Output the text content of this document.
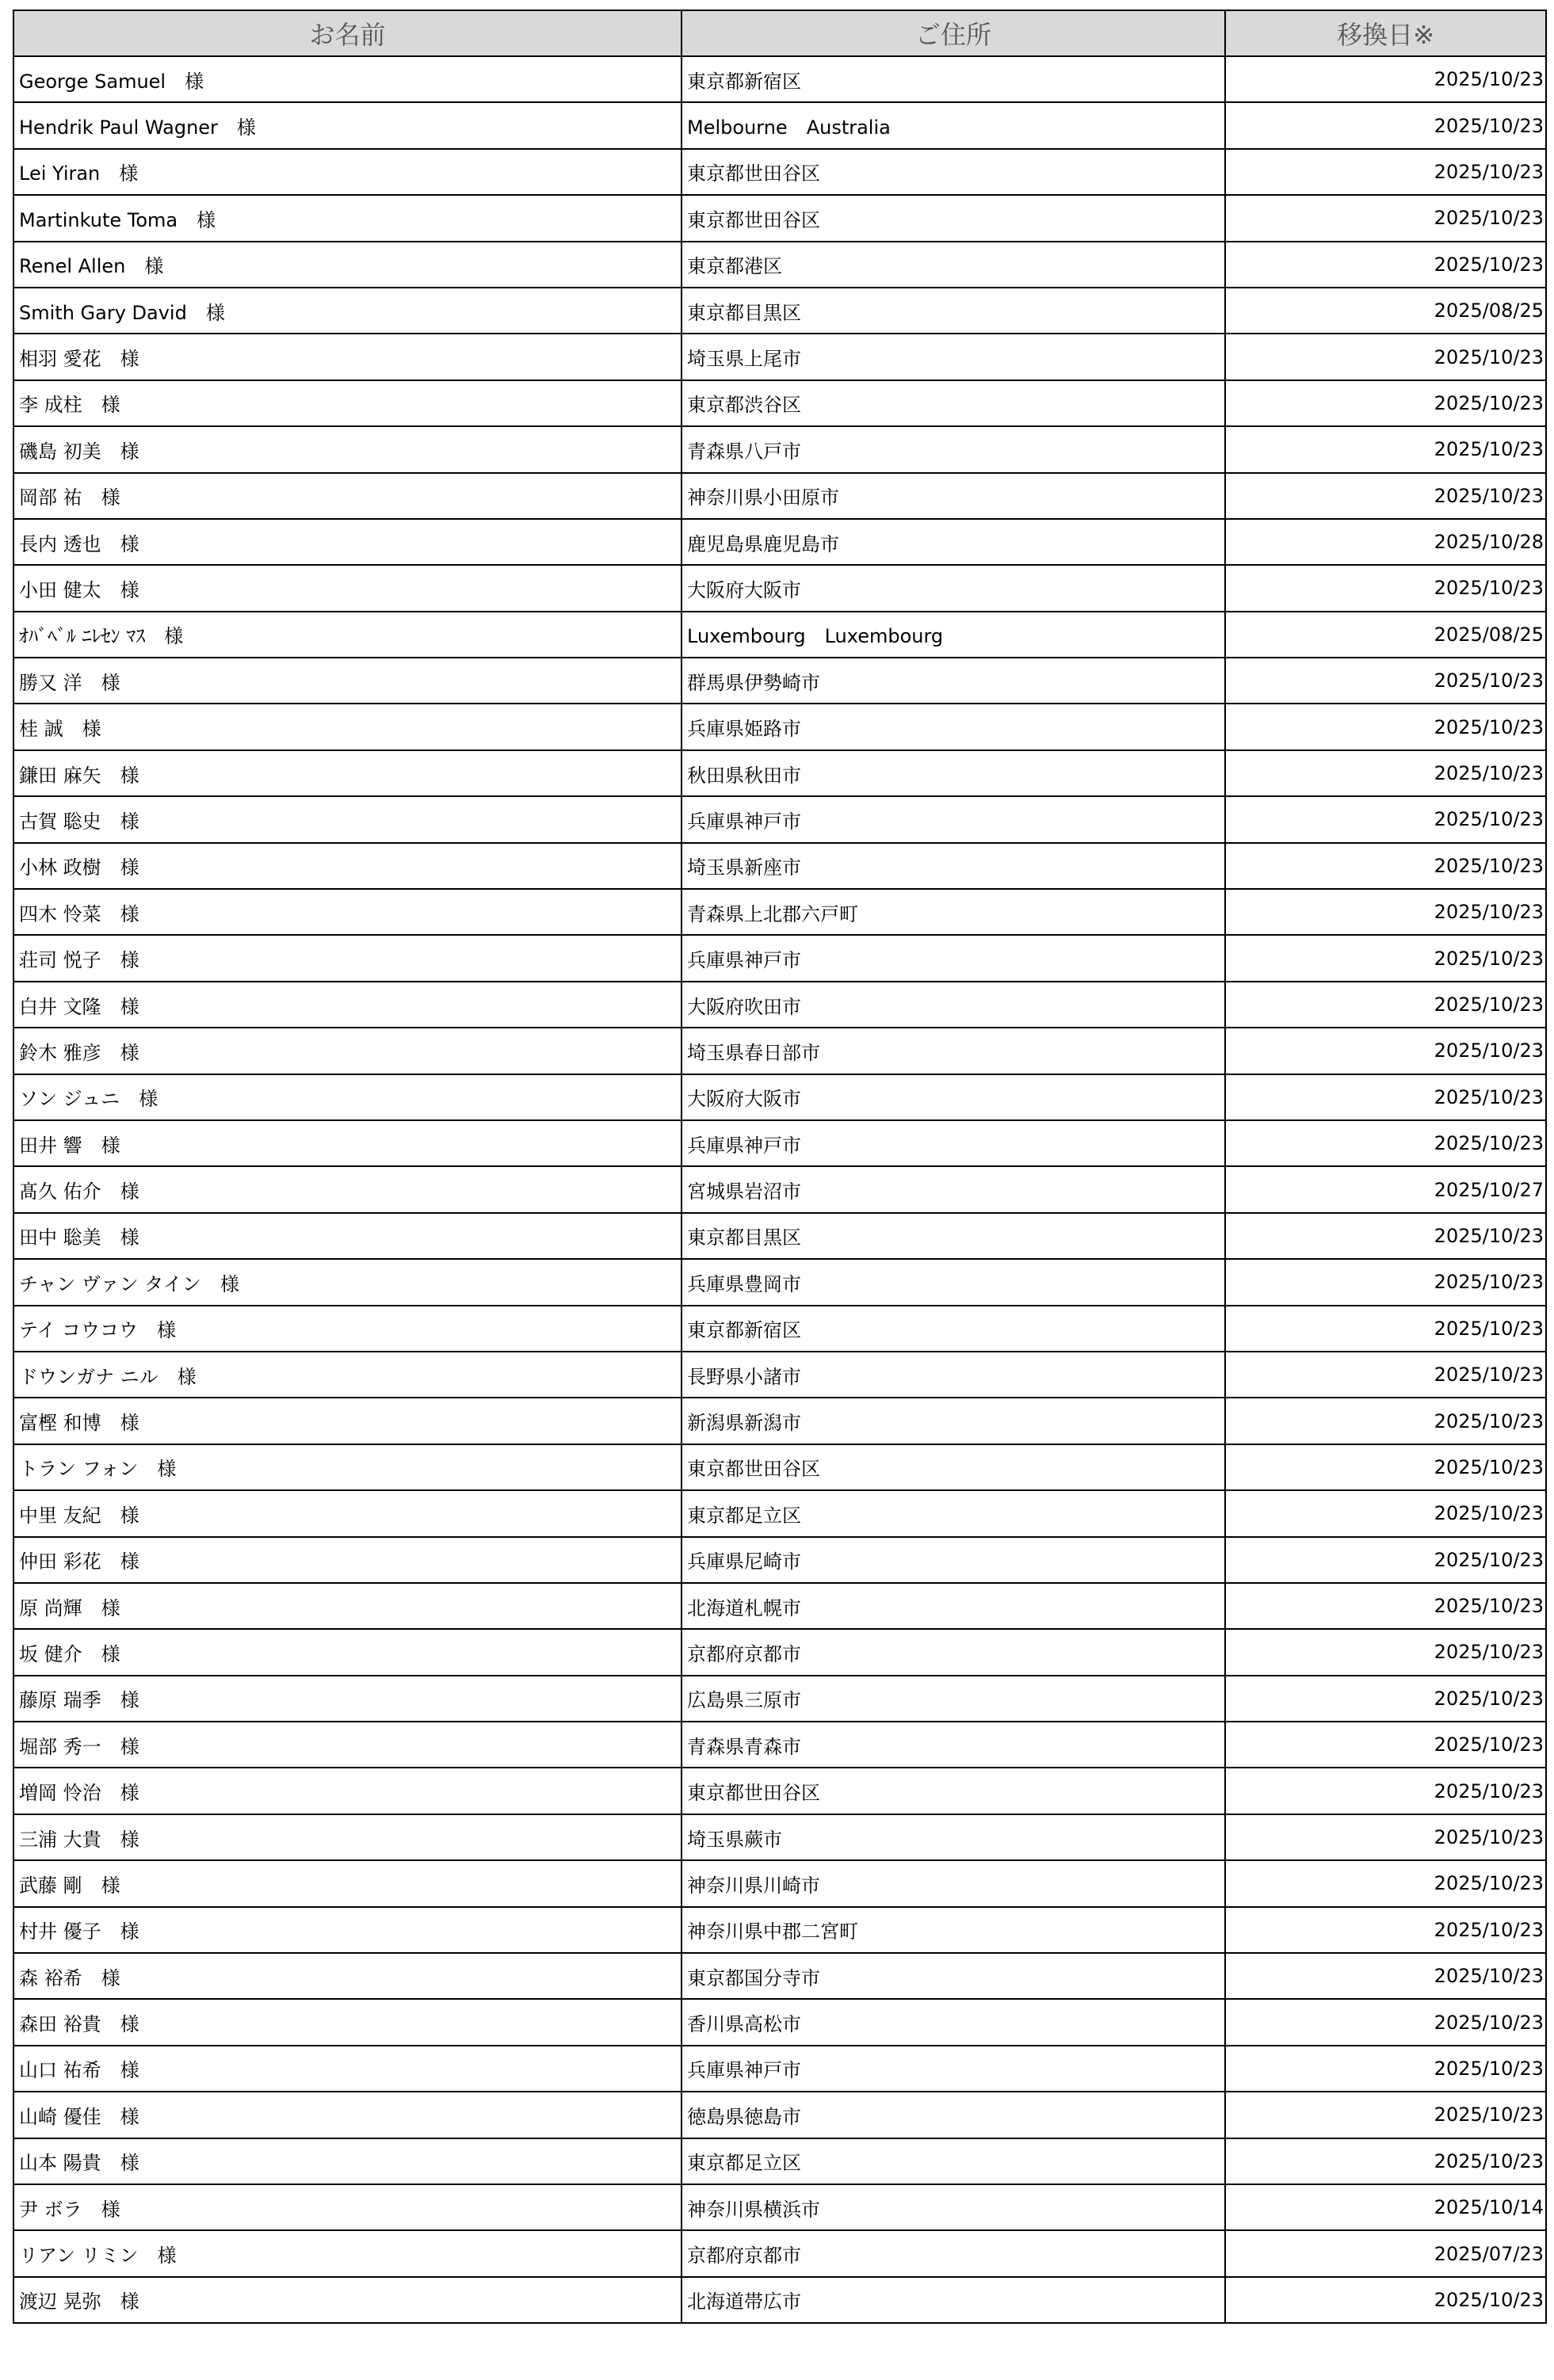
お名前	ご住所	移換日※
George Samuel　様	東京都新宿区	2025/10/23
Hendrik Paul Wagner　様	Melbourne　Australia	2025/10/23
Lei Yiran　様	東京都世田谷区	2025/10/23
Martinkute Toma　様	東京都世田谷区	2025/10/23
Renel Allen　様	東京都港区	2025/10/23
Smith Gary David　様	東京都目黒区	2025/08/25
相羽 愛花　様	埼玉県上尾市	2025/10/23
李 成柱　様	東京都渋谷区	2025/10/23
磯島 初美　様	青森県八戸市	2025/10/23
岡部 祐　様	神奈川県小田原市	2025/10/23
長内 透也　様	鹿児島県鹿児島市	2025/10/28
小田 健太　様	大阪府大阪市	2025/10/23
ｵﾊﾞﾍﾞﾙ ﾆﾚｾﾝ ﾏｽ　様	Luxembourg　Luxembourg	2025/08/25
勝又 洋　様	群馬県伊勢崎市	2025/10/23
桂 誠　様	兵庫県姫路市	2025/10/23
鎌田 麻矢　様	秋田県秋田市	2025/10/23
古賀 聡史　様	兵庫県神戸市	2025/10/23
小林 政樹　様	埼玉県新座市	2025/10/23
四木 怜菜　様	青森県上北郡六戸町	2025/10/23
荘司 悦子　様	兵庫県神戸市	2025/10/23
白井 文隆　様	大阪府吹田市	2025/10/23
鈴木 雅彦　様	埼玉県春日部市	2025/10/23
ソン ジュニ　様	大阪府大阪市	2025/10/23
田井 響　様	兵庫県神戸市	2025/10/23
髙久 佑介　様	宮城県岩沼市	2025/10/27
田中 聡美　様	東京都目黒区	2025/10/23
チャン ヴァン タイン　様	兵庫県豊岡市	2025/10/23
テイ コウコウ　様	東京都新宿区	2025/10/23
ドウンガナ ニル　様	長野県小諸市	2025/10/23
富樫 和博　様	新潟県新潟市	2025/10/23
トラン フォン　様	東京都世田谷区	2025/10/23
中里 友紀　様	東京都足立区	2025/10/23
仲田 彩花　様	兵庫県尼崎市	2025/10/23
原 尚輝　様	北海道札幌市	2025/10/23
坂 健介　様	京都府京都市	2025/10/23
藤原 瑞季　様	広島県三原市	2025/10/23
堀部 秀一　様	青森県青森市	2025/10/23
増岡 怜治　様	東京都世田谷区	2025/10/23
三浦 大貴　様	埼玉県蕨市	2025/10/23
武藤 剛　様	神奈川県川崎市	2025/10/23
村井 優子　様	神奈川県中郡二宮町	2025/10/23
森 裕希　様	東京都国分寺市	2025/10/23
森田 裕貴　様	香川県高松市	2025/10/23
山口 祐希　様	兵庫県神戸市	2025/10/23
山崎 優佳　様	徳島県徳島市	2025/10/23
山本 陽貴　様	東京都足立区	2025/10/23
尹 ボラ　様	神奈川県横浜市	2025/10/14
リアン リミン　様	京都府京都市	2025/07/23
渡辺 晃弥　様	北海道帯広市	2025/10/23
